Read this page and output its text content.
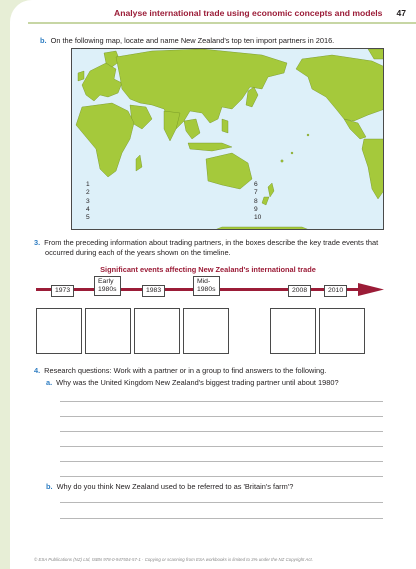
Analyse international trade using economic concepts and models 47
b. On the following map, locate and name New Zealand's top ten import partners in 2016.
1
2
3
4
5
6
7
8
9
10
3. From the preceding information about trading partners, in the boxes describe the key trade events that
occurred during each of the years shown on the timeline.
Significant events affecting New Zealand's international trade
1973
Early
1980s	1983
Mid-
1980s	2008	2010
4. Research questions: Work with a partner or in a group to find answers to the following.
a. Why was the United Kingdom New Zealand's biggest trading partner until about 1980?
b. Why do you think New Zealand used to be referred to as 'Britain's farm'?
© ESA Publications (NZ) Ltd, ISBN 978-0-947504-57-1 · Copying or scanning from ESA workbooks is limited to 3% under the NZ Copyright Act.
